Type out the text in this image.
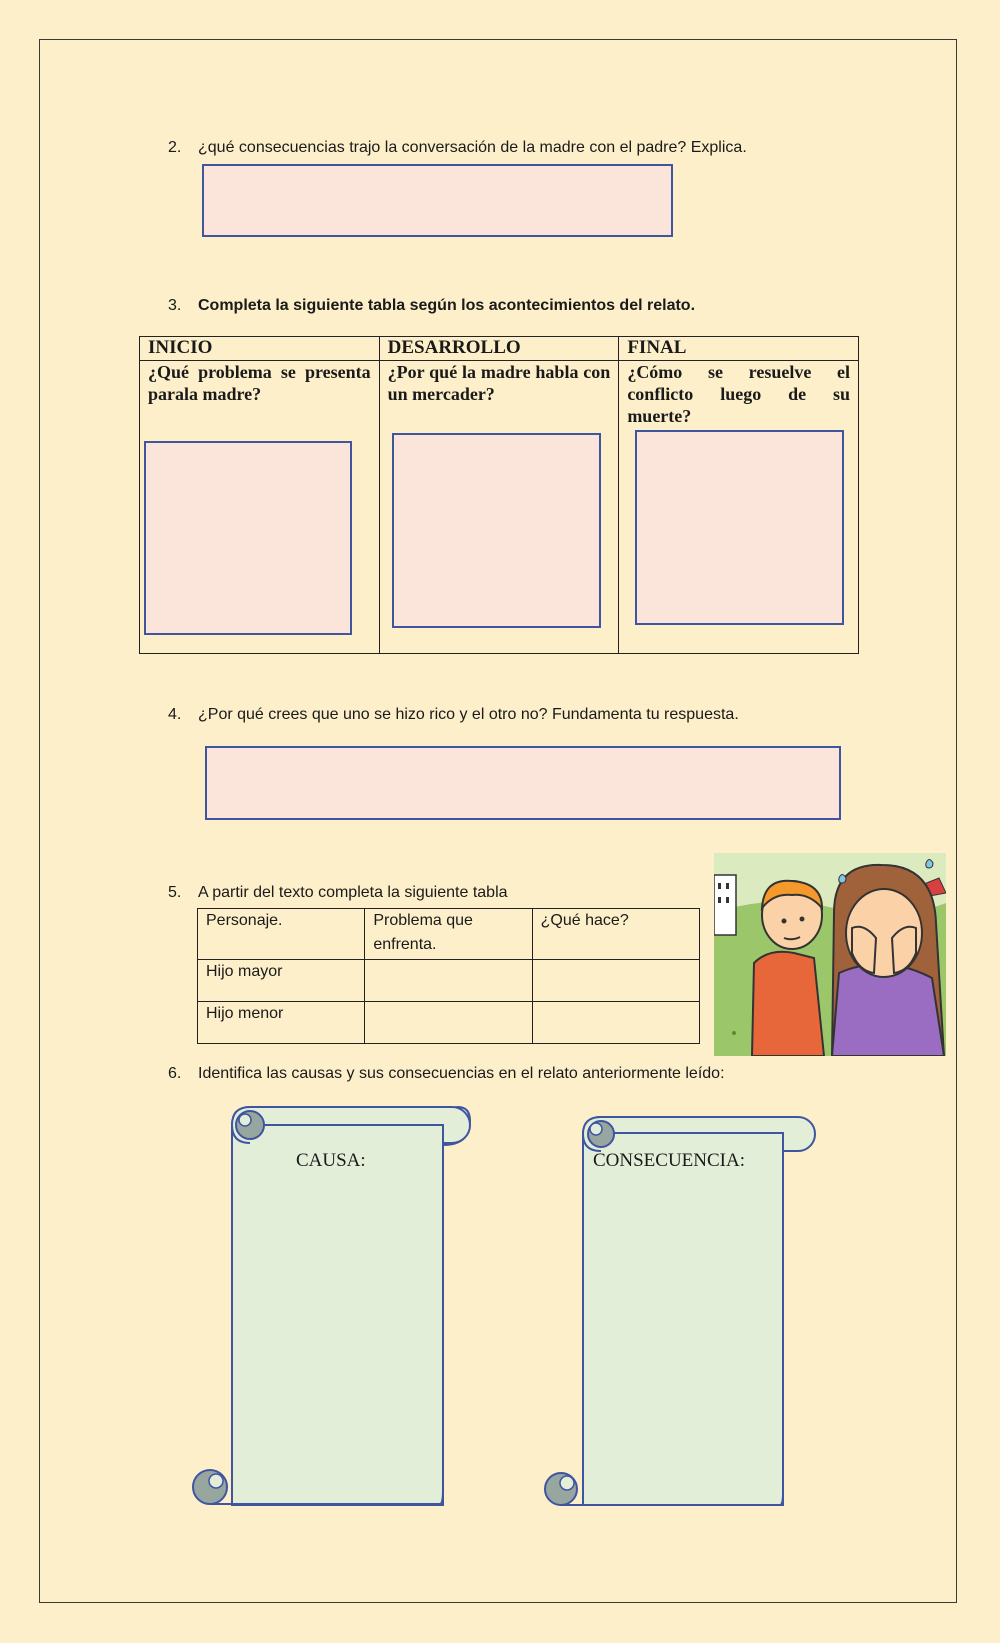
2. ¿qué consecuencias trajo la conversación de la madre con el padre? Explica.
3. Completa la siguiente tabla según los acontecimientos del relato.
INICIO	DESARROLLO	FINAL
¿Qué problema se presenta parala madre?	¿Por qué la madre habla con un mercader?	¿Cómo se resuelve el conflicto luego de su muerte?
4. ¿Por qué crees que uno se hizo rico y el otro no? Fundamenta tu respuesta.
5. A partir del texto completa la siguiente tabla
Personaje.	Problema que enfrenta.	¿Qué hace?
Hijo mayor		
Hijo menor		
6. Identifica las causas y sus consecuencias en el relato anteriormente leído:
CAUSA:	CONSECUENCIA:
